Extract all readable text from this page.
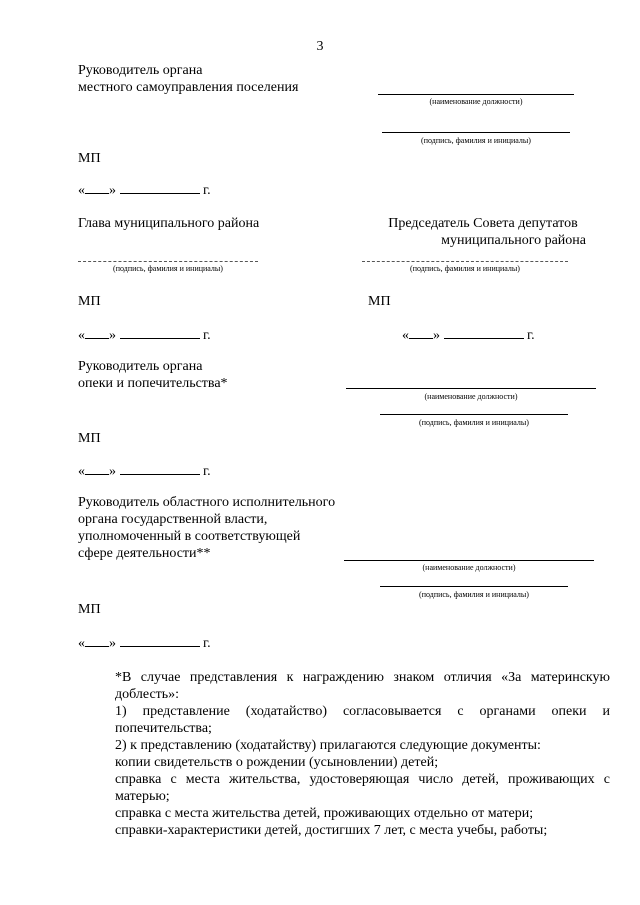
3
Руководитель органа
местного самоуправления поселения
(наименование должности)
(подпись, фамилия и инициалы)
МП
« »	г.
Глава муниципального района	Председатель Совета депутатов
муниципального района
(подпись, фамилия и инициалы)	(подпись, фамилия и инициалы)
МП	МП
« »	г.	« »	г.
Руководитель органа
опеки и попечительства*
(наименование должности)
(подпись, фамилия и инициалы)
МП
« »	г.
Руководитель областного исполнительного
органа государственной власти,
уполномоченный в соответствующей
сфере деятельности**
(наименование должности)
(подпись, фамилия и инициалы)
МП
« »	г.
*В случае представления к награждению знаком отличия «За материнскую доблесть»:
1) представление (ходатайство) согласовывается с органами опеки и попечительства;
2) к представлению (ходатайству) прилагаются следующие документы:
копии свидетельств о рождении (усыновлении) детей;
справка с места жительства, удостоверяющая число детей, проживающих с матерью;
справка с места жительства детей, проживающих отдельно от матери;
справки-характеристики детей, достигших 7 лет, с места учебы, работы;
